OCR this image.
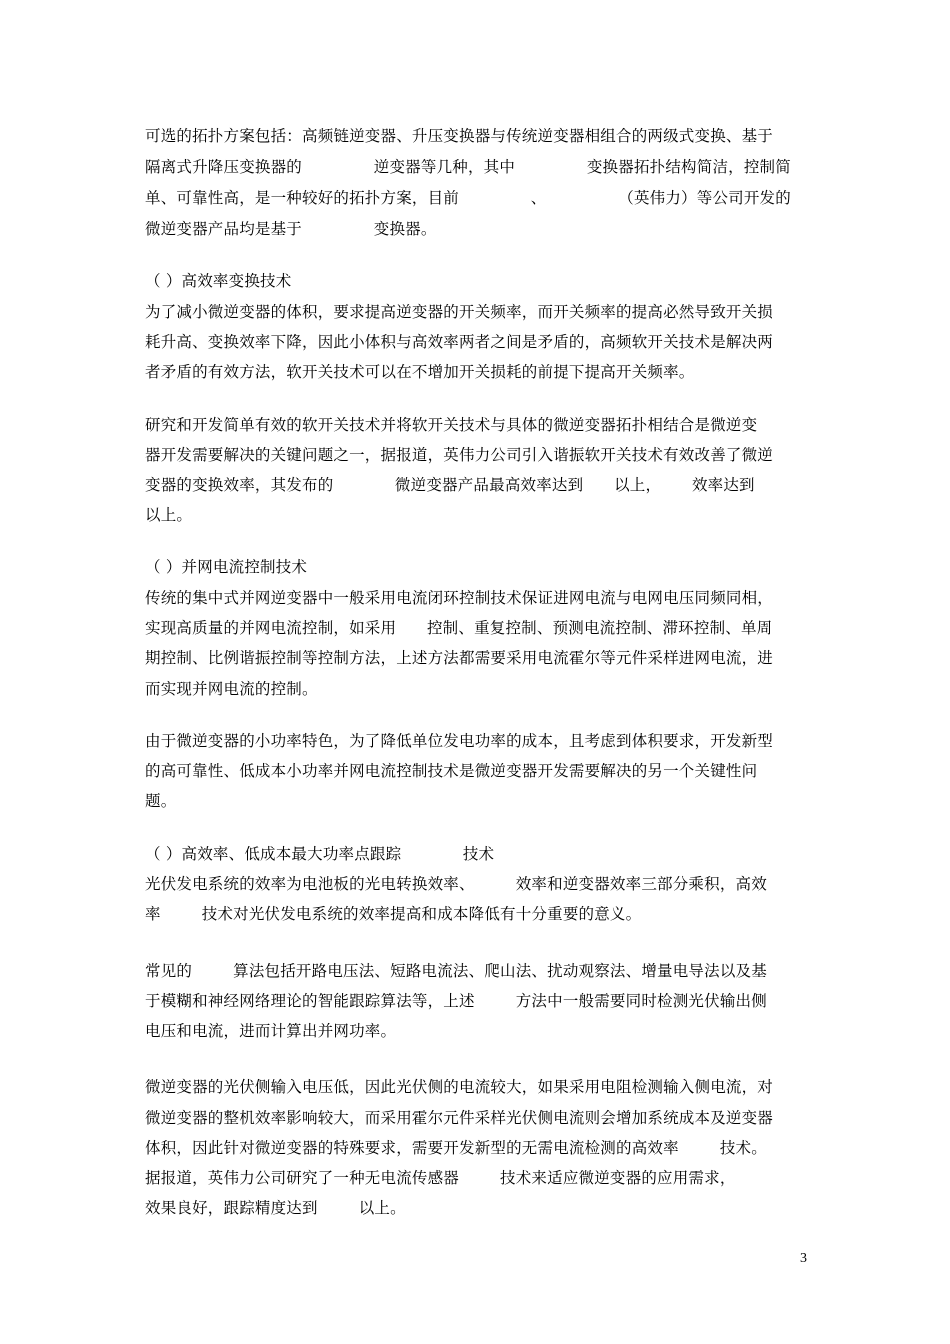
可选的拓扑方案包括：高频链逆变器、升压变换器与传统逆变器相组合的两级式变换、基于
隔离式升降压变换器的              逆变器等几种，其中              变换器拓扑结构简洁，控制简
单、可靠性高，是一种较好的拓扑方案，目前              、              （英伟力）等公司开发的
微逆变器产品均是基于              变换器。
（ ）高效率变换技术
为了减小微逆变器的体积，要求提高逆变器的开关频率，而开关频率的提高必然导致开关损
耗升高、变换效率下降，因此小体积与高效率两者之间是矛盾的，高频软开关技术是解决两
者矛盾的有效方法，软开关技术可以在不增加开关损耗的前提下提高开关频率。
研究和开发简单有效的软开关技术并将软开关技术与具体的微逆变器拓扑相结合是微逆变
器开发需要解决的关键问题之一，据报道，英伟力公司引入谐振软开关技术有效改善了微逆
变器的变换效率，其发布的            微逆变器产品最高效率达到      以上，      效率达到
以上。
（ ）并网电流控制技术
传统的集中式并网逆变器中一般采用电流闭环控制技术保证进网电流与电网电压同频同相，
实现高质量的并网电流控制，如采用      控制、重复控制、预测电流控制、滞环控制、单周
期控制、比例谐振控制等控制方法，上述方法都需要采用电流霍尔等元件采样进网电流，进
而实现并网电流的控制。
由于微逆变器的小功率特色，为了降低单位发电功率的成本，且考虑到体积要求，开发新型
的高可靠性、低成本小功率并网电流控制技术是微逆变器开发需要解决的另一个关键性问
题。
（ ）高效率、低成本最大功率点跟踪            技术
光伏发电系统的效率为电池板的光电转换效率、        效率和逆变器效率三部分乘积，高效
率        技术对光伏发电系统的效率提高和成本降低有十分重要的意义。
常见的        算法包括开路电压法、短路电流法、爬山法、扰动观察法、增量电导法以及基
于模糊和神经网络理论的智能跟踪算法等，上述        方法中一般需要同时检测光伏输出侧
电压和电流，进而计算出并网功率。
微逆变器的光伏侧输入电压低，因此光伏侧的电流较大，如果采用电阻检测输入侧电流，对
微逆变器的整机效率影响较大，而采用霍尔元件采样光伏侧电流则会增加系统成本及逆变器
体积，因此针对微逆变器的特殊要求，需要开发新型的无需电流检测的高效率        技术。
据报道，英伟力公司研究了一种无电流传感器        技术来适应微逆变器的应用需求，
效果良好，跟踪精度达到        以上。
3
